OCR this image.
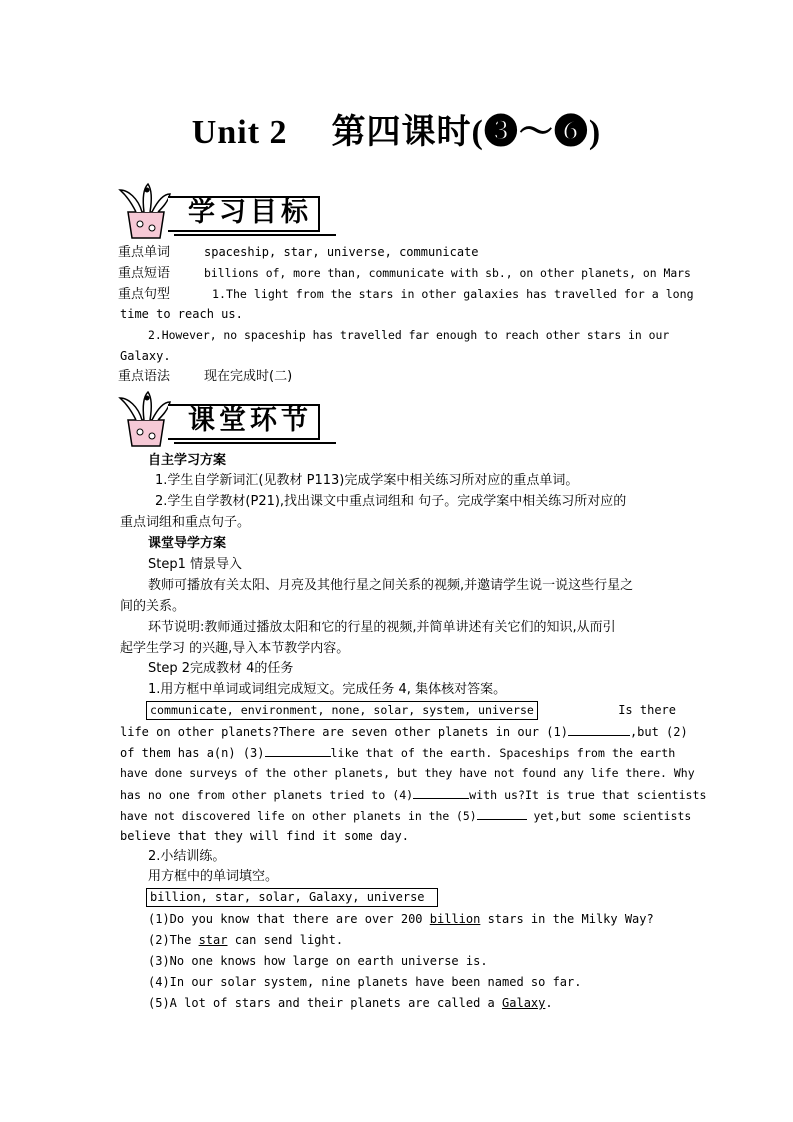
Unit 2 第四课时(❸～❻)
学习目标
重点单词	spaceship, star, universe, communicate
重点短语	billions of, more than, communicate with sb., on other planets, on Mars
重点句型	1.The light from the stars in other galaxies has travelled for a long
time to reach us.
2.However, no spaceship has travelled far enough to reach other stars in our
Galaxy.
重点语法	现在完成时(二)
课堂环节
自主学习方案
1.学生自学新词汇(见教材 P113)完成学案中相关练习所对应的重点单词。
2.学生自学教材(P21),找出课文中重点词组和 句子。完成学案中相关练习所对应的
重点词组和重点句子。
课堂导学方案
Step1 情景导入
教师可播放有关太阳、月亮及其他行星之间关系的视频,并邀请学生说一说这些行星之
间的关系。
环节说明:教师通过播放太阳和它的行星的视频,并简单讲述有关它们的知识,从而引
起学生学习 的兴趣,导入本节教学内容。
Step 2完成教材 4的任务
1.用方框中单词或词组完成短文。完成任务 4, 集体核对答案。
communicate, environment, none, solar, system, universe	Is there
life on other planets?There are seven other planets in our (1)	,but (2)
of them has a(n) (3)	like that of the earth. Spaceships from the earth
have done surveys of the other planets, but they have not found any life there. Why
has no one from other planets tried to (4)	with us?It is true that scientists
have not discovered life on other planets in the (5)	yet,but some scientists
believe that they will find it some day.
2.小结训练。
用方框中的单词填空。
billion, star, solar, Galaxy, universe
(1)Do you know that there are over 200 billion stars in the Milky Way?
(2)The star can send light.
(3)No one knows how large on earth universe is.
(4)In our solar system, nine planets have been named so far.
(5)A lot of stars and their planets are called a Galaxy.
